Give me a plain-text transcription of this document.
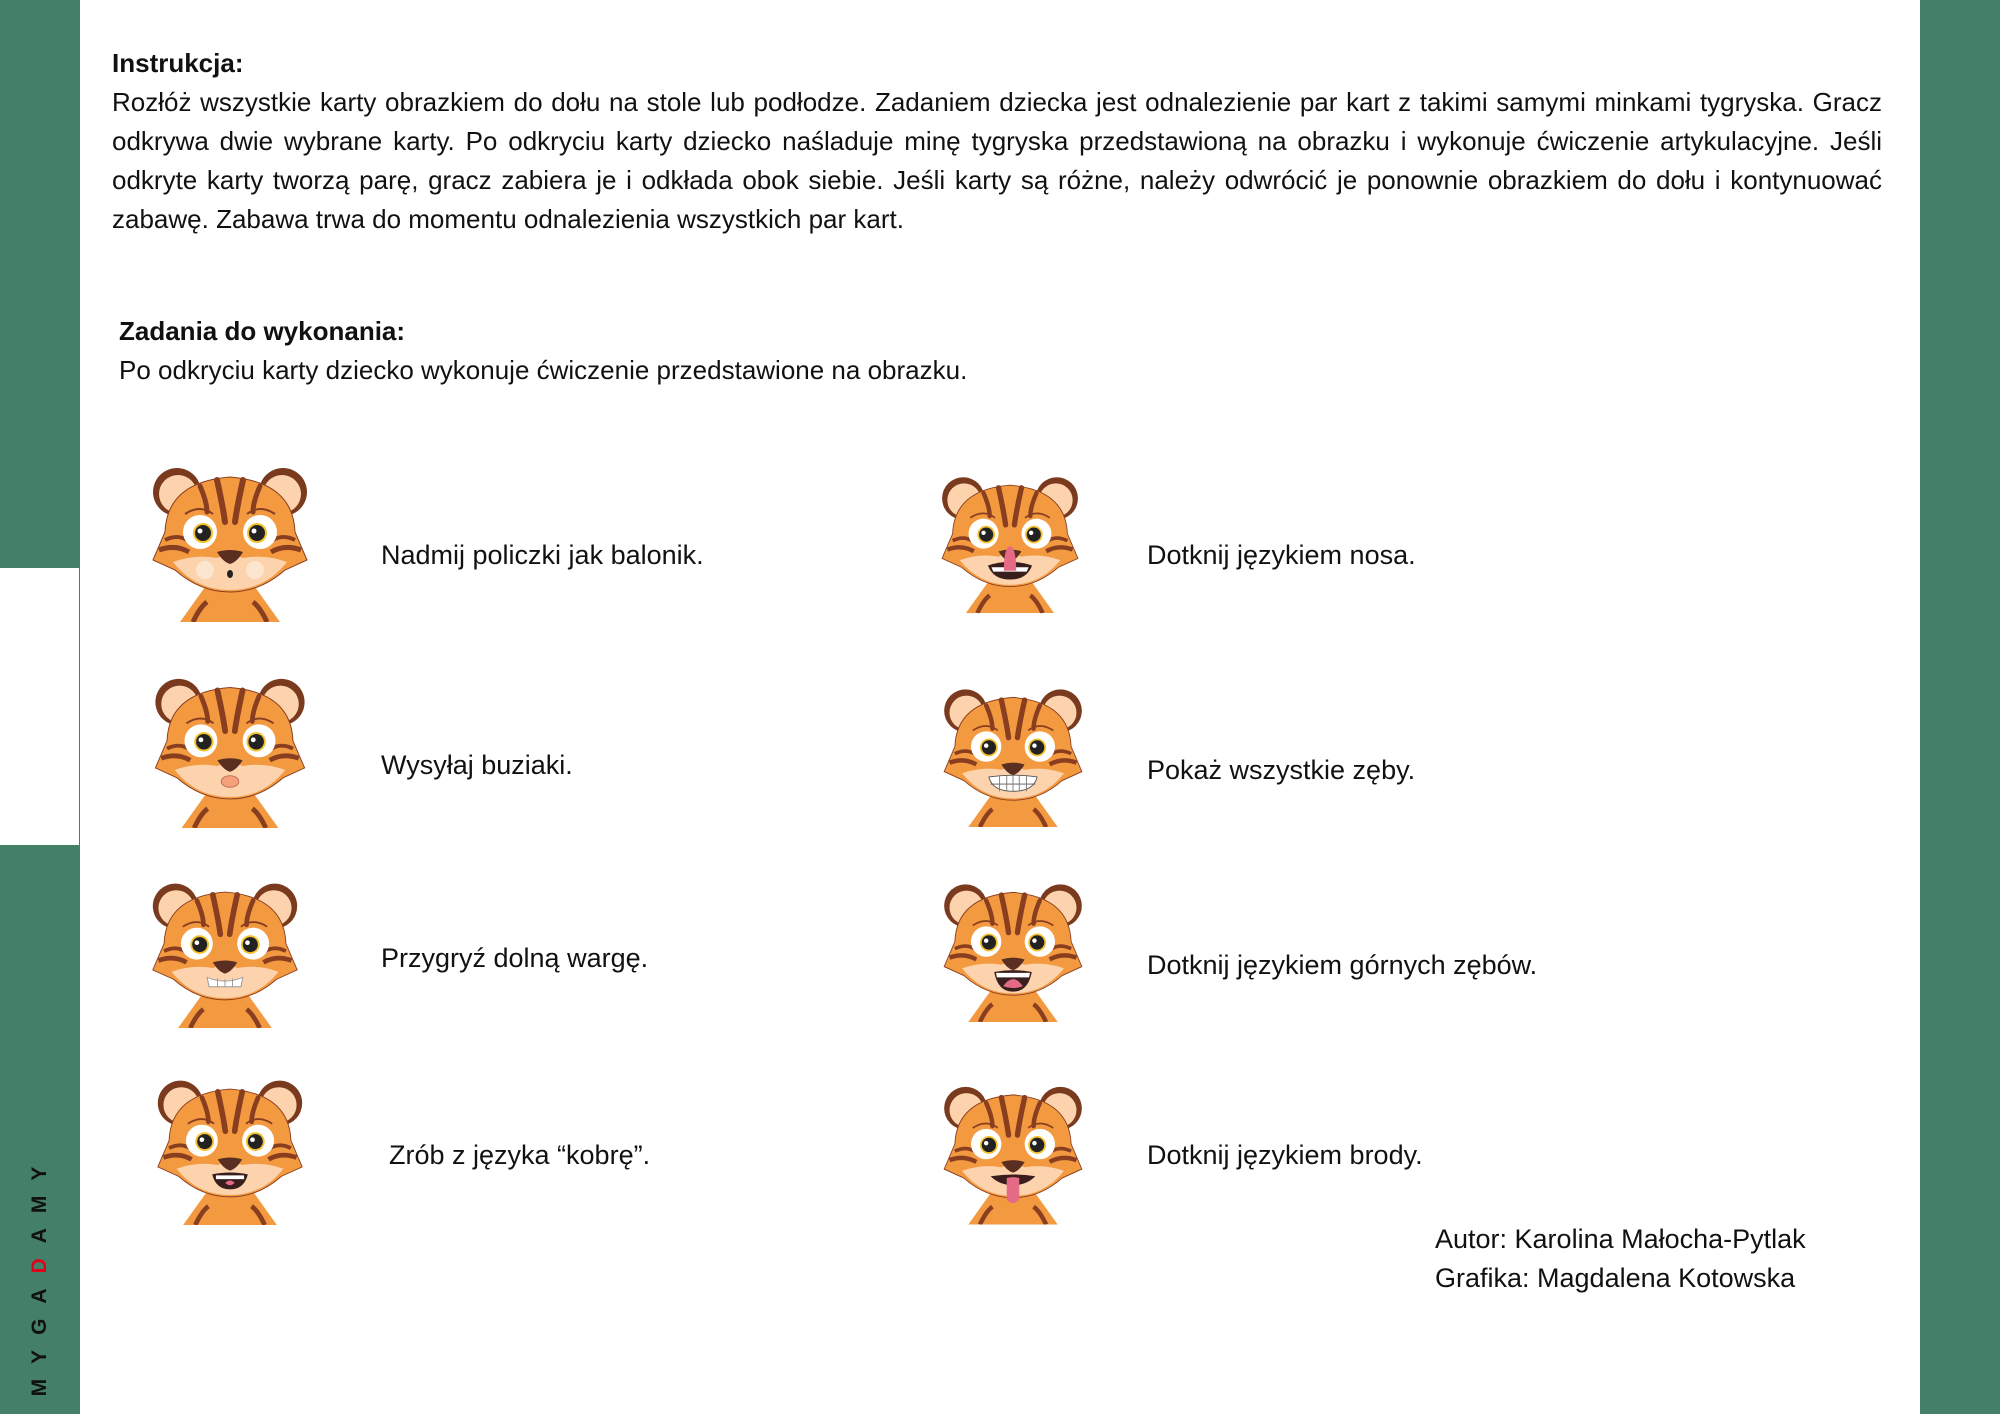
MYGADAMY
Instrukcja:
Rozłóż wszystkie karty obrazkiem do dołu na stole lub podłodze. Zadaniem dziecka jest odnalezienie par kart z takimi samymi minkami tygryska. Gracz odkrywa dwie wybrane karty. Po odkryciu karty dziecko naśladuje minę tygryska przedstawioną na obrazku i wykonuje ćwiczenie artykulacyjne. Jeśli odkryte karty tworzą parę, gracz zabiera je i odkłada obok siebie. Jeśli karty są różne, należy odwrócić je ponownie obrazkiem do dołu i kontynuować zabawę. Zabawa trwa do momentu odnalezienia wszystkich par kart.
Zadania do wykonania:
Po odkryciu karty dziecko wykonuje ćwiczenie przedstawione na obrazku.
Nadmij policzki jak balonik.
Wysyłaj buziaki.
Przygryź dolną wargę.
Zrób z języka “kobrę”.
Dotknij językiem nosa.
Pokaż wszystkie zęby.
Dotknij językiem górnych zębów.
Dotknij językiem brody.
Autor: Karolina Małocha-Pytlak
Grafika: Magdalena Kotowska
